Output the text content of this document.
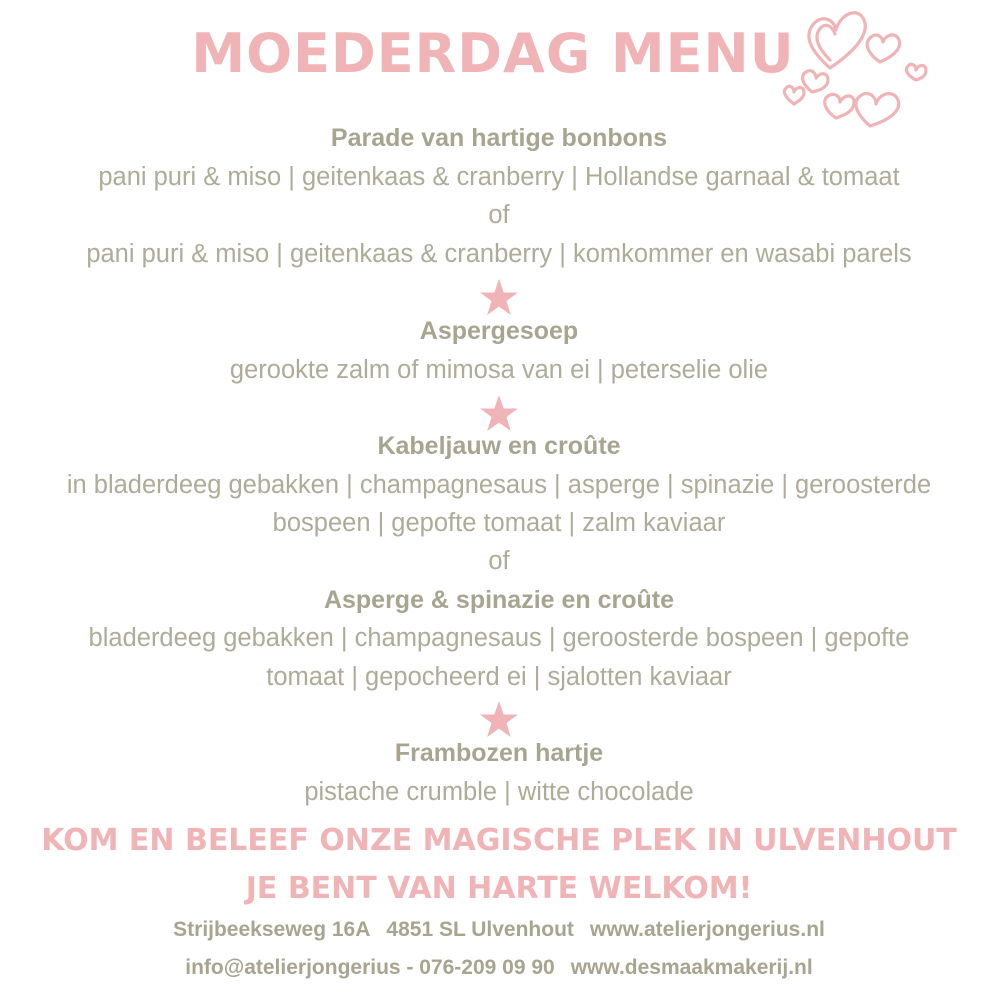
MOEDERDAG MENU
Parade van hartige bonbons
pani puri & miso | geitenkaas & cranberry | Hollandse garnaal & tomaat
of
pani puri & miso | geitenkaas & cranberry | komkommer en wasabi parels
Aspergesoep
gerookte zalm of mimosa van ei | peterselie olie
Kabeljauw en croûte
in bladerdeeg gebakken | champagnesaus | asperge | spinazie | geroosterde
bospeen | gepofte tomaat | zalm kaviaar
of
Asperge & spinazie en croûte
bladerdeeg gebakken | champagnesaus | geroosterde bospeen | gepofte
tomaat | gepocheerd ei | sjalotten kaviaar
Frambozen hartje
pistache crumble | witte chocolade
KOM EN BELEEF ONZE MAGISCHE PLEK IN ULVENHOUT
JE BENT VAN HARTE WELKOM!
Strijbeekseweg 16A 4851 SL Ulvenhout www.atelierjongerius.nl
info@atelierjongerius - 076-209 09 90 www.desmaakmakerij.nl
